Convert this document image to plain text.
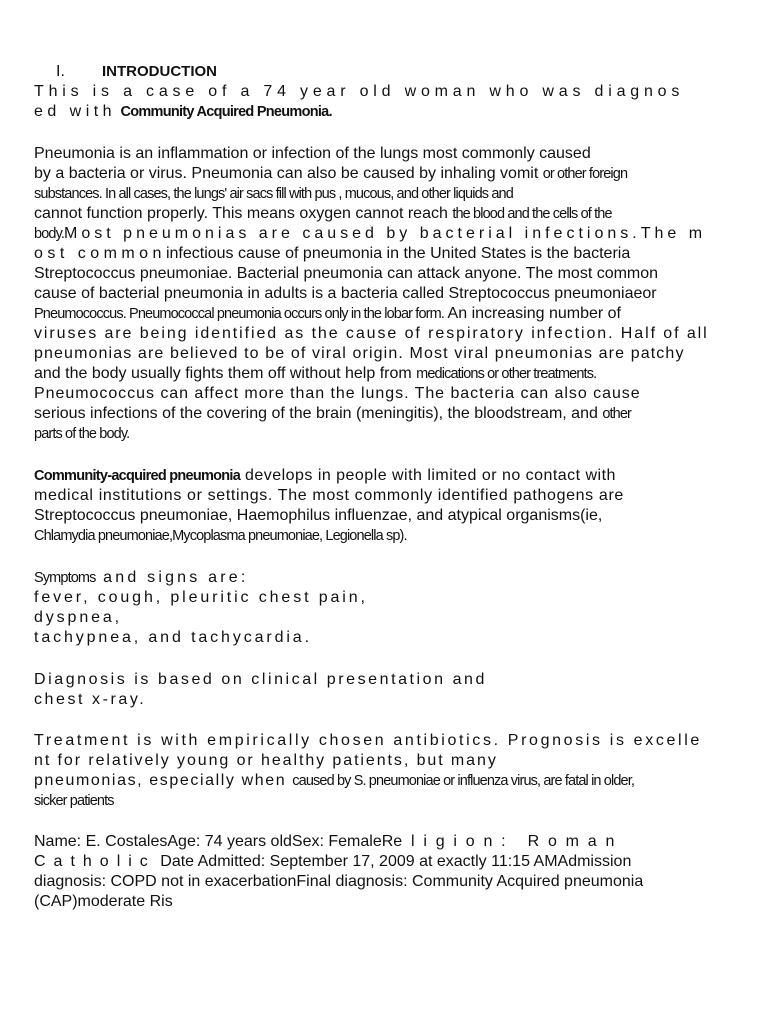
I. INTRODUCTION
This is a case of a 74 year old woman who was diagnos
ed with Community Acquired Pneumonia.
Pneumonia is an inflammation or infection of the lungs most commonly caused
by a bacteria or virus. Pneumonia can also be caused by inhaling vomit or other foreign
substances. In all cases, the lungs' air sacs fill with pus , mucous, and other liquids and
cannot function properly. This means oxygen cannot reach the blood and the cells of the
body.Most pneumonias are caused by bacterial infections.The m
ost commoninfectious cause of pneumonia in the United States is the bacteria
Streptococcus pneumoniae. Bacterial pneumonia can attack anyone. The most common
cause of bacterial pneumonia in adults is a bacteria called Streptococcus pneumoniaeor
Pneumococcus. Pneumococcal pneumonia occurs only in the lobar form. An increasing number of
viruses are being identified as the cause of respiratory infection. Half of all
pneumonias are believed to be of viral origin. Most viral pneumonias are patchy
and the body usually fights them off without help from medications or other treatments.
Pneumococcus can affect more than the lungs. The bacteria can also cause
serious infections of the covering of the brain (meningitis), the bloodstream, and other
parts of the body.
Community-acquired pneumonia develops in people with limited or no contact with
medical institutions or settings. The most commonly identified pathogens are
Streptococcus pneumoniae, Haemophilus influenzae, and atypical organisms(ie,
Chlamydia pneumoniae,Mycoplasma pneumoniae, Legionella sp).
Symptoms and signs are:
fever, cough, pleuritic chest pain,
dyspnea,
tachypnea, and tachycardia.
Diagnosis is based on clinical presentation and
chest x-ray.
Treatment is with empirically chosen antibiotics. Prognosis is excelle
nt for relatively young or healthy patients, but many
pneumonias, especially when caused by S. pneumoniae or influenza virus, are fatal in older,
sicker patients
Name: E. CostalesAge: 74 years oldSex: FemaleReligion: Roman
Catholic Date Admitted: September 17, 2009 at exactly 11:15 AMAdmission
diagnosis: COPD not in exacerbationFinal diagnosis: Community Acquired pneumonia
(CAP)moderate Ris
